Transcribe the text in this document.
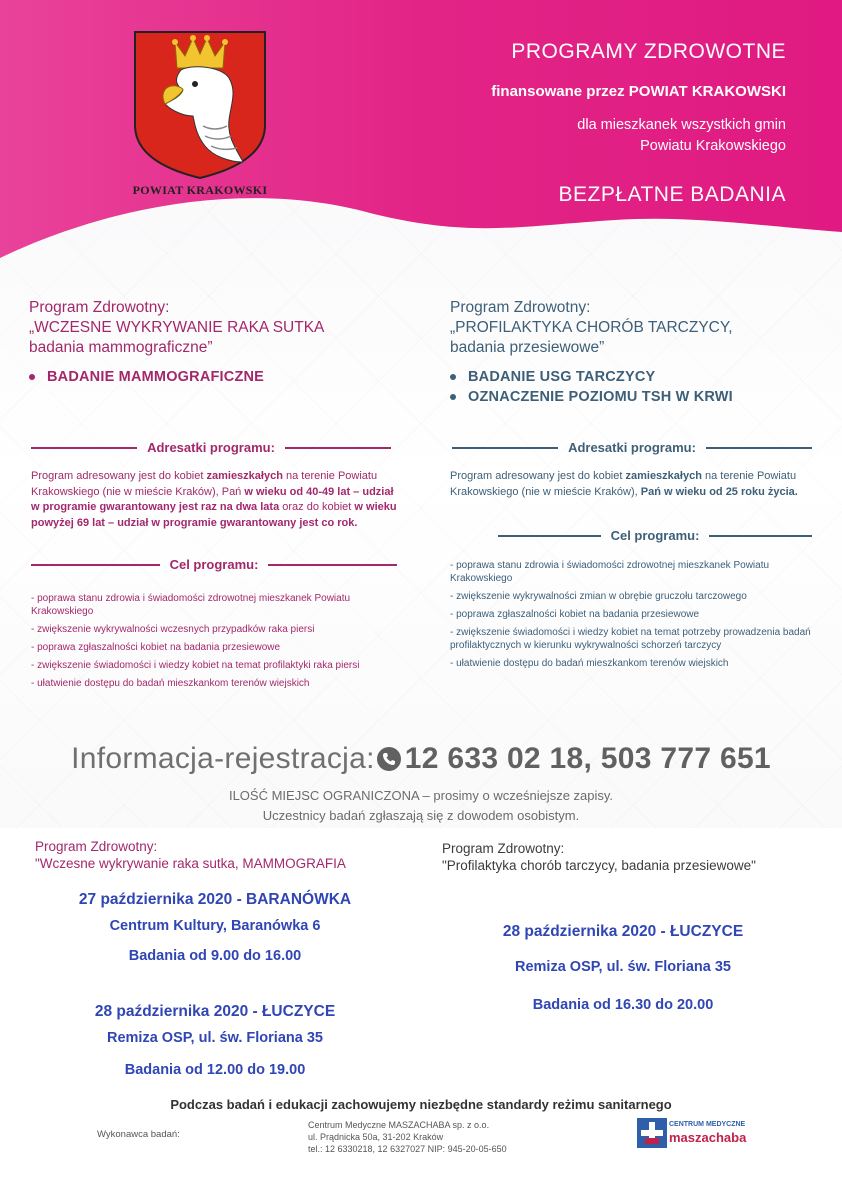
POWIAT KRAKOWSKI
PROGRAMY ZDROWOTNE
finansowane przez POWIAT KRAKOWSKI
dla mieszkanek wszystkich gmin
Powiatu Krakowskiego
BEZPŁATNE BADANIA
Program Zdrowotny:
„WCZESNE WYKRYWANIE RAKA SUTKA
badania mammograficzne”
BADANIE MAMMOGRAFICZNE
Program Zdrowotny:
„PROFILAKTYKA CHORÓB TARCZYCY,
badania przesiewowe”
BADANIE USG TARCZYCY
OZNACZENIE POZIOMU TSH W KRWI
Adresatki programu:
Program adresowany jest do kobiet zamieszkałych na terenie Powiatu Krakowskiego (nie w mieście Kraków), Pań w wieku od 40-49 lat – udział w programie gwarantowany jest raz na dwa lata oraz do kobiet w wieku powyżej 69 lat – udział w programie gwarantowany jest co rok.
Cel programu:
- poprawa stanu zdrowia i świadomości zdrowotnej mieszkanek Powiatu Krakowskiego
- zwiększenie wykrywalności wczesnych przypadków raka piersi
- poprawa zgłaszalności kobiet na badania przesiewowe
- zwiększenie świadomości i wiedzy kobiet na temat profilaktyki raka piersi
- ułatwienie dostępu do badań mieszkankom terenów wiejskich
Adresatki programu:
Program adresowany jest do kobiet zamieszkałych na terenie Powiatu Krakowskiego (nie w mieście Kraków), Pań w wieku od 25 roku życia.
Cel programu:
- poprawa stanu zdrowia i świadomości zdrowotnej mieszkanek Powiatu Krakowskiego
- zwiększenie wykrywalności zmian w obrębie gruczołu tarczowego
- poprawa zgłaszalności kobiet na badania przesiewowe
- zwiększenie świadomości i wiedzy kobiet na temat potrzeby prowadzenia badań profilaktycznych w kierunku wykrywalności schorzeń tarczycy
- ułatwienie dostępu do badań mieszkankom terenów wiejskich
Informacja-rejestracja: 12 633 02 18, 503 777 651
ILOŚĆ MIEJSC OGRANICZONA – prosimy o wcześniejsze zapisy.
Uczestnicy badań zgłaszają się z dowodem osobistym.
Program Zdrowotny:
"Wczesne wykrywanie raka sutka, MAMMOGRAFIA
Program Zdrowotny:
"Profilaktyka chorób tarczycy, badania przesiewowe"
27 października 2020 - BARANÓWKA
Centrum Kultury, Baranówka 6
Badania od 9.00 do 16.00
28 października 2020 - ŁUCZYCE
Remiza OSP, ul. św. Floriana 35
Badania od 12.00 do 19.00
28 października 2020 - ŁUCZYCE
Remiza OSP, ul. św. Floriana 35
Badania od 16.30 do 20.00
Podczas badań i edukacji zachowujemy niezbędne standardy reżimu sanitarnego
Wykonawca badań:
Centrum Medyczne MASZACHABA sp. z o.o.
ul. Prądnicka 50a, 31-202 Kraków
tel.: 12 6330218, 12 6327027 NIP: 945-20-05-650
CENTRUM MEDYCZNE
maszachaba
